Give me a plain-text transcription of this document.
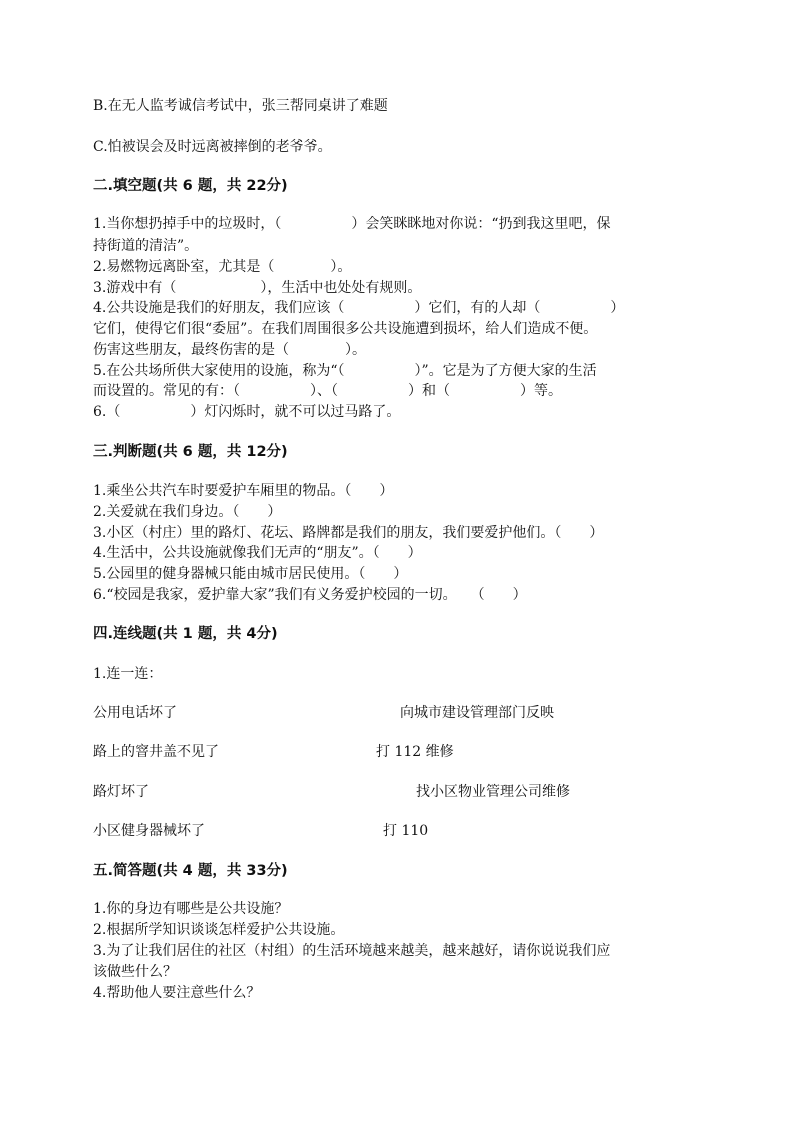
B.在无人监考诚信考试中，张三帮同桌讲了难题
C.怕被误会及时远离被摔倒的老爷爷。
二.填空题(共 6 题，共 22分)
1.当你想扔掉手中的垃圾时，（　　　　　）会笑眯眯地对你说：“扔到我这里吧，保
持街道的清洁”。
2.易燃物远离卧室，尤其是（　　　　）。
3.游戏中有（　　　　　　），生活中也处处有规则。
4.公共设施是我们的好朋友，我们应该（　　　　　）它们，有的人却（　　　　　）
它们，使得它们很“委屈”。在我们周围很多公共设施遭到损坏，给人们造成不便。
伤害这些朋友，最终伤害的是（　　　　）。
5.在公共场所供大家使用的设施，称为“（　　　　　）”。它是为了方便大家的生活
而设置的。常见的有：（　　　　　）、（　　　　　）和（　　　　　）等。
6.（　　　　　）灯闪烁时，就不可以过马路了。
三.判断题(共 6 题，共 12分)
1.乘坐公共汽车时要爱护车厢里的物品。（　　）
2.关爱就在我们身边。（　　）
3.小区（村庄）里的路灯、花坛、路牌都是我们的朋友，我们要爱护他们。（　　）
4.生活中，公共设施就像我们无声的“朋友”。（　　）
5.公园里的健身器械只能由城市居民使用。（　　）
6.“校园是我家，爱护靠大家”我们有义务爱护校园的一切。　　（　　）
四.连线题(共 1 题，共 4分)
1.连一连：
公用电话坏了	向城市建设管理部门反映
路上的窨井盖不见了	打 112 维修
路灯坏了	找小区物业管理公司维修
小区健身器械坏了	打 110
五.简答题(共 4 题，共 33分)
1.你的身边有哪些是公共设施？
2.根据所学知识谈谈怎样爱护公共设施。
3.为了让我们居住的社区（村组）的生活环境越来越美，越来越好，请你说说我们应
该做些什么？
4.帮助他人要注意些什么？
